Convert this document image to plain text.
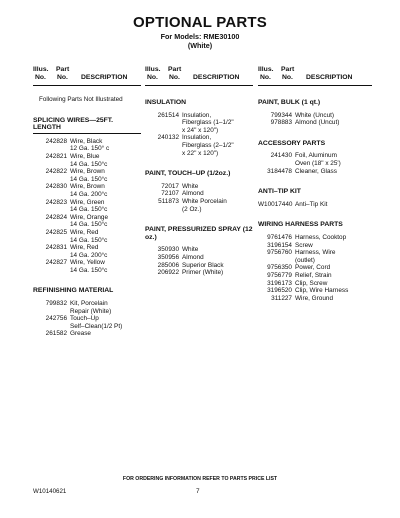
OPTIONAL PARTS
For Models: RME30100
(White)
Illus. Part
No. No. DESCRIPTION
Following Parts Not Illustrated
SPLICING WIRES—25FT. LENGTH
242828 Wire, Black
12 Ga. 150° c
242821 Wire, Blue
14 Ga. 150°c
242822 Wire, Brown
14 Ga. 150°c
242830 Wire, Brown
14 Ga. 200°c
242823 Wire, Green
14 Ga. 150°c
242824 Wire, Orange
14 Ga. 150°c
242825 Wire, Red
14 Ga. 150°c
242831 Wire, Red
14 Ga. 200°c
242827 Wire, Yellow
14 Ga. 150°c
REFINISHING MATERIAL
799832 Kit, Porcelain
Repair (White)
242756 Touch–Up
Self–Clean(1/2 Pt)
261582 Grease
Illus. Part
No. No. DESCRIPTION
INSULATION
261514 Insulation,
Fiberglass (1–1/2"
x 24" x 120")
240132 Insulation,
Fiberglass (2–1/2"
x 22" x 120")
PAINT, TOUCH–UP (1/2oz.)
72017 White
72107 Almond
511873 White Porcelain
(2 Oz.)
PAINT, PRESSURIZED SPRAY (12 oz.)
350930 White
350956 Almond
285006 Superior Black
206922 Primer (White)
Illus. Part
No. No. DESCRIPTION
PAINT, BULK (1 qt.)
799344 White (Uncut)
978883 Almond (Uncut)
ACCESSORY PARTS
241430 Foil, Aluminum
Oven (18" x 25')
3184478 Cleaner, Glass
ANTI–TIP KIT
W10017440 Anti–Tip Kit
WIRING HARNESS PARTS
9761476 Harness, Cooktop
3196154 Screw
9756760 Harness, Wire
(outlet)
9756350 Power, Cord
9756779 Relief, Strain
3196173 Clip, Screw
3196520 Clip, Wire Harness
311227 Wire, Ground
FOR ORDERING INFORMATION REFER TO PARTS PRICE LIST
W10140621	7
